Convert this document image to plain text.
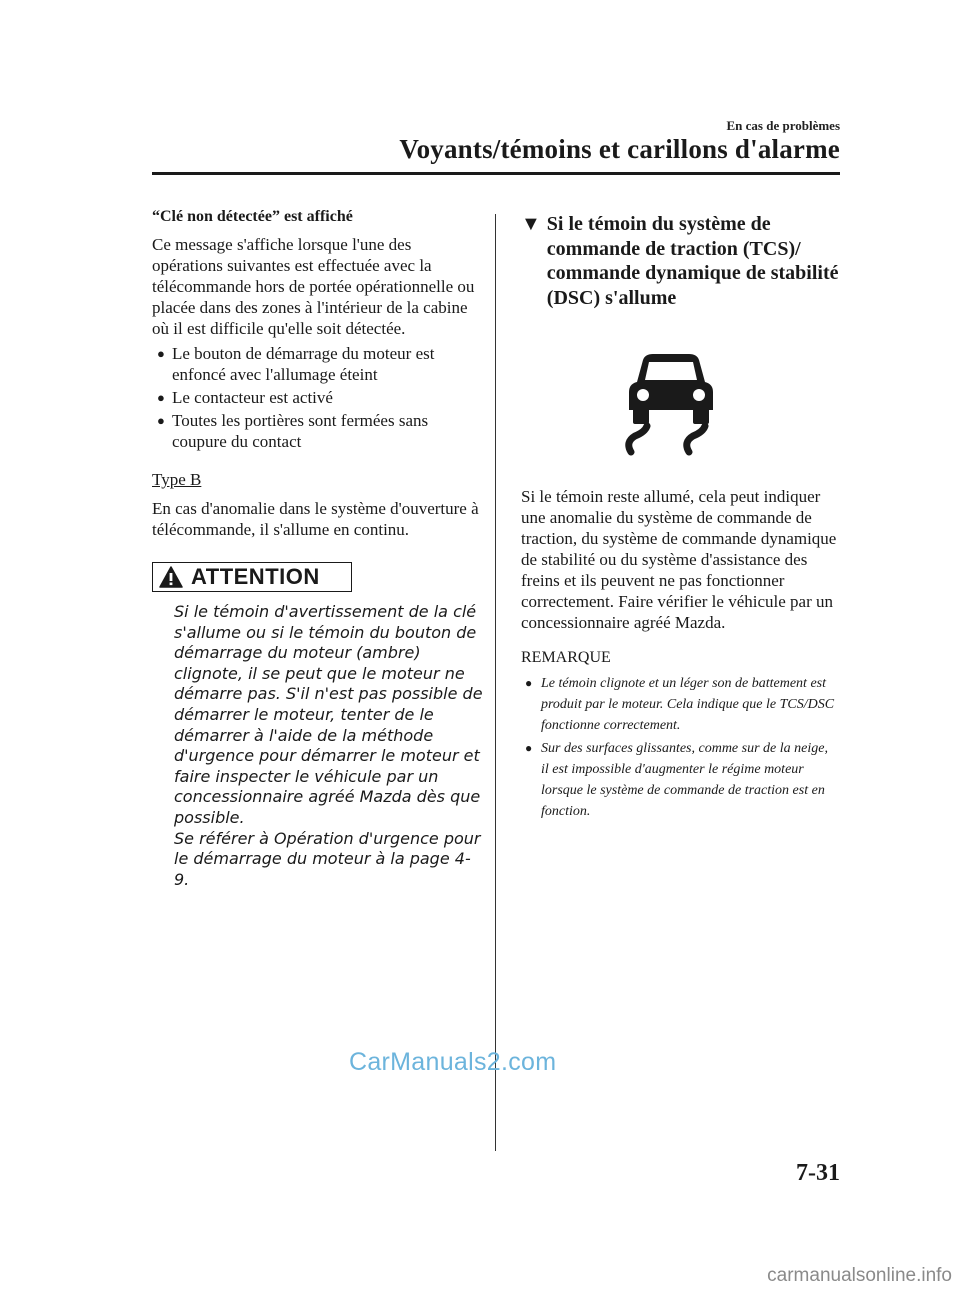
En cas de problèmes
Voyants/témoins et carillons d'alarme

“Clé non détectée” est affiché

Ce message s'affiche lorsque l'une des opérations suivantes est effectuée avec la télécommande hors de portée opérationnelle ou placée dans des zones à l'intérieur de la cabine où il est difficile qu'elle soit détectée.

● Le bouton de démarrage du moteur est enfoncé avec l'allumage éteint
● Le contacteur est activé
● Toutes les portières sont fermées sans coupure du contact

Type B

En cas d'anomalie dans le système d'ouverture à télécommande, il s'allume en continu.

ATTENTION
Si le témoin d'avertissement de la clé s'allume ou si le témoin du bouton de démarrage du moteur (ambre) clignote, il se peut que le moteur ne démarre pas. S'il n'est pas possible de démarrer le moteur, tenter de le démarrer à l'aide de la méthode d'urgence pour démarrer le moteur et faire inspecter le véhicule par un concessionnaire agréé Mazda dès que possible.
Se référer à Opération d'urgence pour le démarrage du moteur à la page 4-9.
▼ Si le témoin du système de commande de traction (TCS)/ commande dynamique de stabilité (DSC) s'allume

Si le témoin reste allumé, cela peut indiquer une anomalie du système de commande de traction, du système de commande dynamique de stabilité ou du système d'assistance des freins et ils peuvent ne pas fonctionner correctement. Faire vérifier le véhicule par un concessionnaire agréé Mazda.

REMARQUE

● Le témoin clignote et un léger son de battement est produit par le moteur. Cela indique que le TCS/DSC fonctionne correctement.
● Sur des surfaces glissantes, comme sur de la neige, il est impossible d'augmenter le régime moteur lorsque le système de commande de traction est en fonction.
CarManuals2.com
7-31
carmanualsonline.info
